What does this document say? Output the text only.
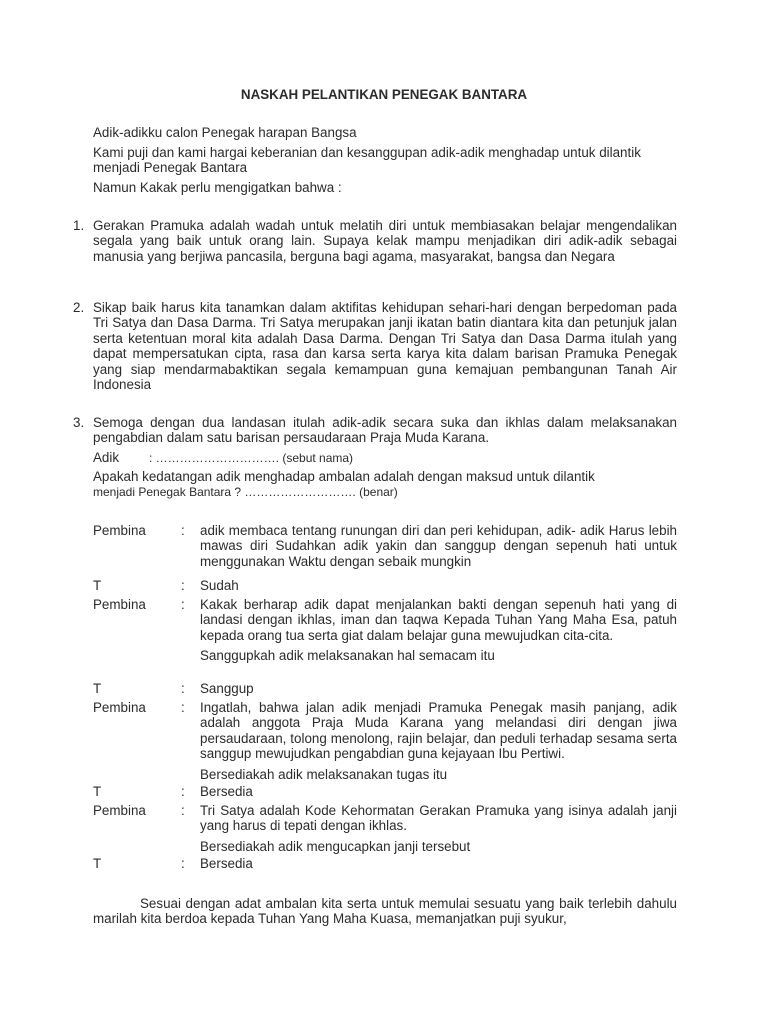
NASKAH PELANTIKAN PENEGAK BANTARA

Adik-adikku calon Penegak harapan Bangsa

Kami puji dan kami hargai keberanian dan kesanggupan adik-adik menghadap untuk dilantik menjadi Penegak Bantara

Namun Kakak perlu mengigatkan bahwa :

1. Gerakan Pramuka adalah wadah untuk melatih diri untuk membiasakan belajar mengendalikan segala yang baik untuk orang lain. Supaya kelak mampu menjadikan diri adik-adik sebagai manusia yang berjiwa pancasila, berguna bagi agama, masyarakat, bangsa dan Negara

2. Sikap baik harus kita tanamkan dalam aktifitas kehidupan sehari-hari dengan berpedoman pada Tri Satya dan Dasa Darma. Tri Satya merupakan janji ikatan batin diantara kita dan petunjuk jalan serta ketentuan moral kita adalah Dasa Darma. Dengan Tri Satya dan Dasa Darma itulah yang dapat mempersatukan cipta, rasa dan karsa serta karya kita dalam barisan Pramuka Penegak yang siap mendarmabaktikan segala kemampuan guna kemajuan pembangunan Tanah Air Indonesia

3. Semoga dengan dua landasan itulah adik-adik secara suka dan ikhlas dalam melaksanakan pengabdian dalam satu barisan persaudaraan Praja Muda Karana.

Adik : …………………………. (sebut nama)
Apakah kedatangan adik menghadap ambalan adalah dengan maksud untuk dilantik
menjadi Penegak Bantara ? ………………………. (benar)
Pembina	: adik membaca tentang runungan diri dan peri kehidupan, adik- adik Harus lebih mawas diri Sudahkan adik yakin dan sanggup dengan sepenuh hati untuk menggunakan Waktu dengan sebaik mungkin

T	: Sudah

Pembina	: Kakak berharap adik dapat menjalankan bakti dengan sepenuh hati yang di landasi dengan ikhlas, iman dan taqwa Kepada Tuhan Yang Maha Esa, patuh kepada orang tua serta giat dalam belajar guna mewujudkan cita-cita.

Sanggupkah adik melaksanakan hal semacam itu

T	: Sanggup

Pembina	: Ingatlah, bahwa jalan adik menjadi Pramuka Penegak masih panjang, adik adalah anggota Praja Muda Karana yang melandasi diri dengan jiwa persaudaraan, tolong menolong, rajin belajar, dan peduli terhadap sesama serta sanggup mewujudkan pengabdian guna kejayaan Ibu Pertiwi.

Bersediakah adik melaksanakan tugas itu

T	: Bersedia

Pembina	: Tri Satya adalah Kode Kehormatan Gerakan Pramuka yang isinya adalah janji yang harus di tepati dengan ikhlas.

Bersediakah adik mengucapkan janji tersebut

T	: Bersedia

Sesuai dengan adat ambalan kita serta untuk memulai sesuatu yang baik terlebih dahulu marilah kita berdoa kepada Tuhan Yang Maha Kuasa, memanjatkan puji syukur,
